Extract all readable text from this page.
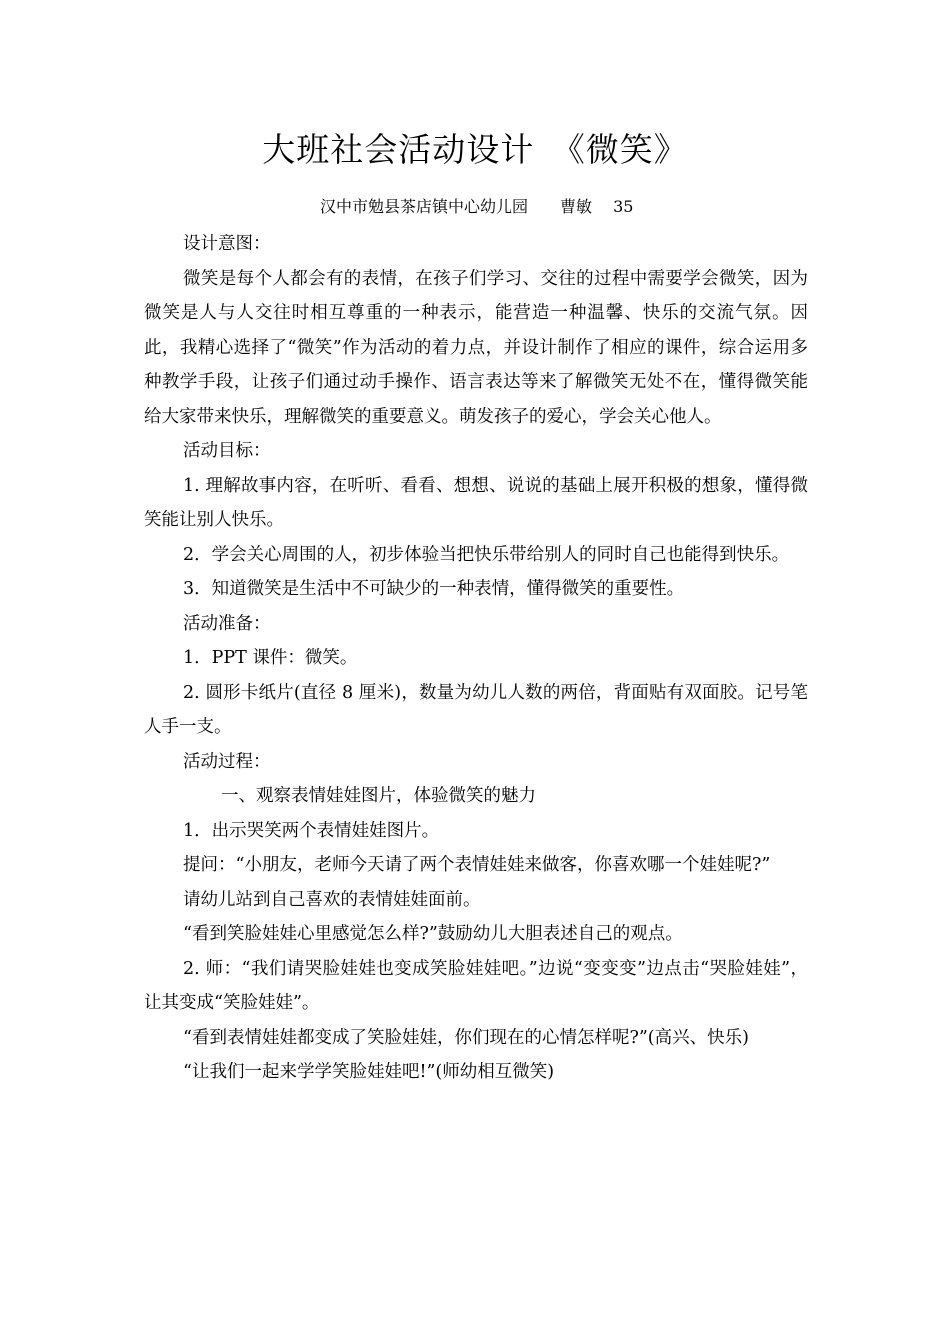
大班社会活动设计　《微笑》
汉中市勉县茶店镇中心幼儿园　　曹敏　 35

设计意图：

微笑是每个人都会有的表情，在孩子们学习、交往的过程中需要学会微笑，因为微笑是人与人交往时相互尊重的一种表示，能营造一种温馨、快乐的交流气氛。因此，我精心选择了“微笑”作为活动的着力点，并设计制作了相应的课件，综合运用多种教学手段，让孩子们通过动手操作、语言表达等来了解微笑无处不在，懂得微笑能给大家带来快乐，理解微笑的重要意义。萌发孩子的爱心，学会关心他人。

活动目标：

1. 理解故事内容，在听听、看看、想想、说说的基础上展开积极的想象，懂得微笑能让别人快乐。

2．学会关心周围的人，初步体验当把快乐带给别人的同时自己也能得到快乐。

3．知道微笑是生活中不可缺少的一种表情，懂得微笑的重要性。

活动准备：

1．PPT 课件：微笑。

2. 圆形卡纸片(直径 8 厘米)，数量为幼儿人数的两倍，背面贴有双面胶。记号笔人手一支。

活动过程：

一、观察表情娃娃图片，体验微笑的魅力

1．出示哭笑两个表情娃娃图片。

提问：“小朋友，老师今天请了两个表情娃娃来做客，你喜欢哪一个娃娃呢?”

请幼儿站到自己喜欢的表情娃娃面前。

“看到笑脸娃娃心里感觉怎么样?”鼓励幼儿大胆表述自己的观点。

2. 师：“我们请哭脸娃娃也变成笑脸娃娃吧。”边说“变变变”边点击“哭脸娃娃”，让其变成“笑脸娃娃”。

“看到表情娃娃都变成了笑脸娃娃，你们现在的心情怎样呢?”(高兴、快乐)

“让我们一起来学学笑脸娃娃吧!”(师幼相互微笑)
